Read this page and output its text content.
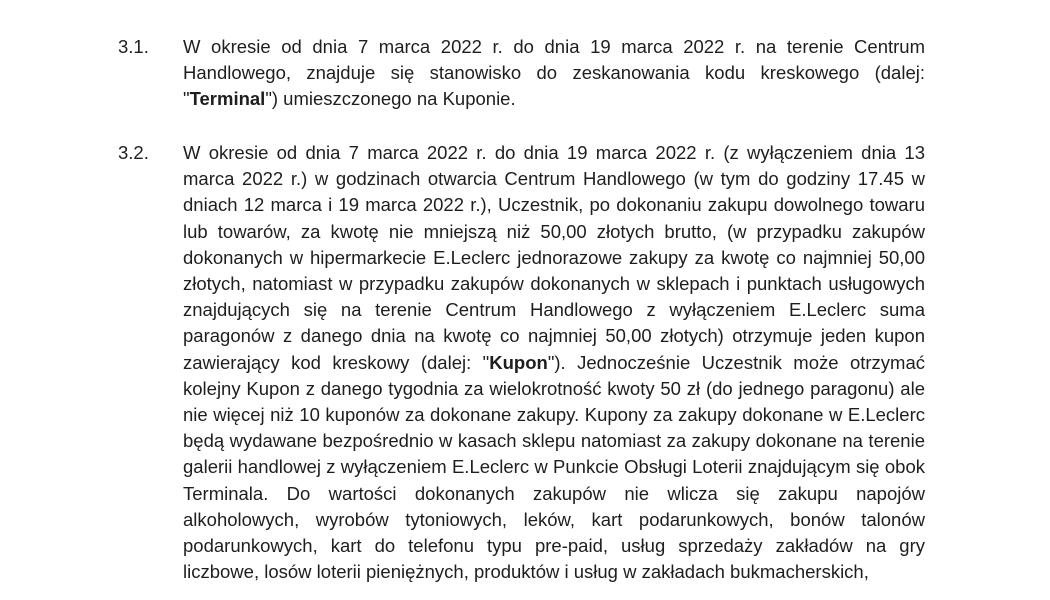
3.1. W okresie od dnia 7 marca 2022 r. do dnia 19 marca 2022 r. na terenie Centrum Handlowego, znajduje się stanowisko do zeskanowania kodu kreskowego (dalej: "Terminal") umieszczonego na Kuponie.
3.2. W okresie od dnia 7 marca 2022 r. do dnia 19 marca 2022 r. (z wyłączeniem dnia 13 marca 2022 r.) w godzinach otwarcia Centrum Handlowego (w tym do godziny 17.45 w dniach 12 marca i 19 marca 2022 r.), Uczestnik, po dokonaniu zakupu dowolnego towaru lub towarów, za kwotę nie mniejszą niż 50,00 złotych brutto, (w przypadku zakupów dokonanych w hipermarkecie E.Leclerc jednorazowe zakupy za kwotę co najmniej 50,00 złotych, natomiast w przypadku zakupów dokonanych w sklepach i punktach usługowych znajdujących się na terenie Centrum Handlowego z wyłączeniem E.Leclerc suma paragonów z danego dnia na kwotę co najmniej 50,00 złotych) otrzymuje jeden kupon zawierający kod kreskowy (dalej: "Kupon"). Jednocześnie Uczestnik może otrzymać kolejny Kupon z danego tygodnia za wielokrotność kwoty 50 zł (do jednego paragonu) ale nie więcej niż 10 kuponów za dokonane zakupy. Kupony za zakupy dokonane w E.Leclerc będą wydawane bezpośrednio w kasach sklepu natomiast za zakupy dokonane na terenie galerii handlowej z wyłączeniem E.Leclerc w Punkcie Obsługi Loterii znajdującym się obok Terminala. Do wartości dokonanych zakupów nie wlicza się zakupu napojów alkoholowych, wyrobów tytoniowych, leków, kart podarunkowych, bonów talonów podarunkowych, kart do telefonu typu pre-paid, usług sprzedaży zakładów na gry liczbowe, losów loterii pieniężnych, produktów i usług w zakładach bukmacherskich,
